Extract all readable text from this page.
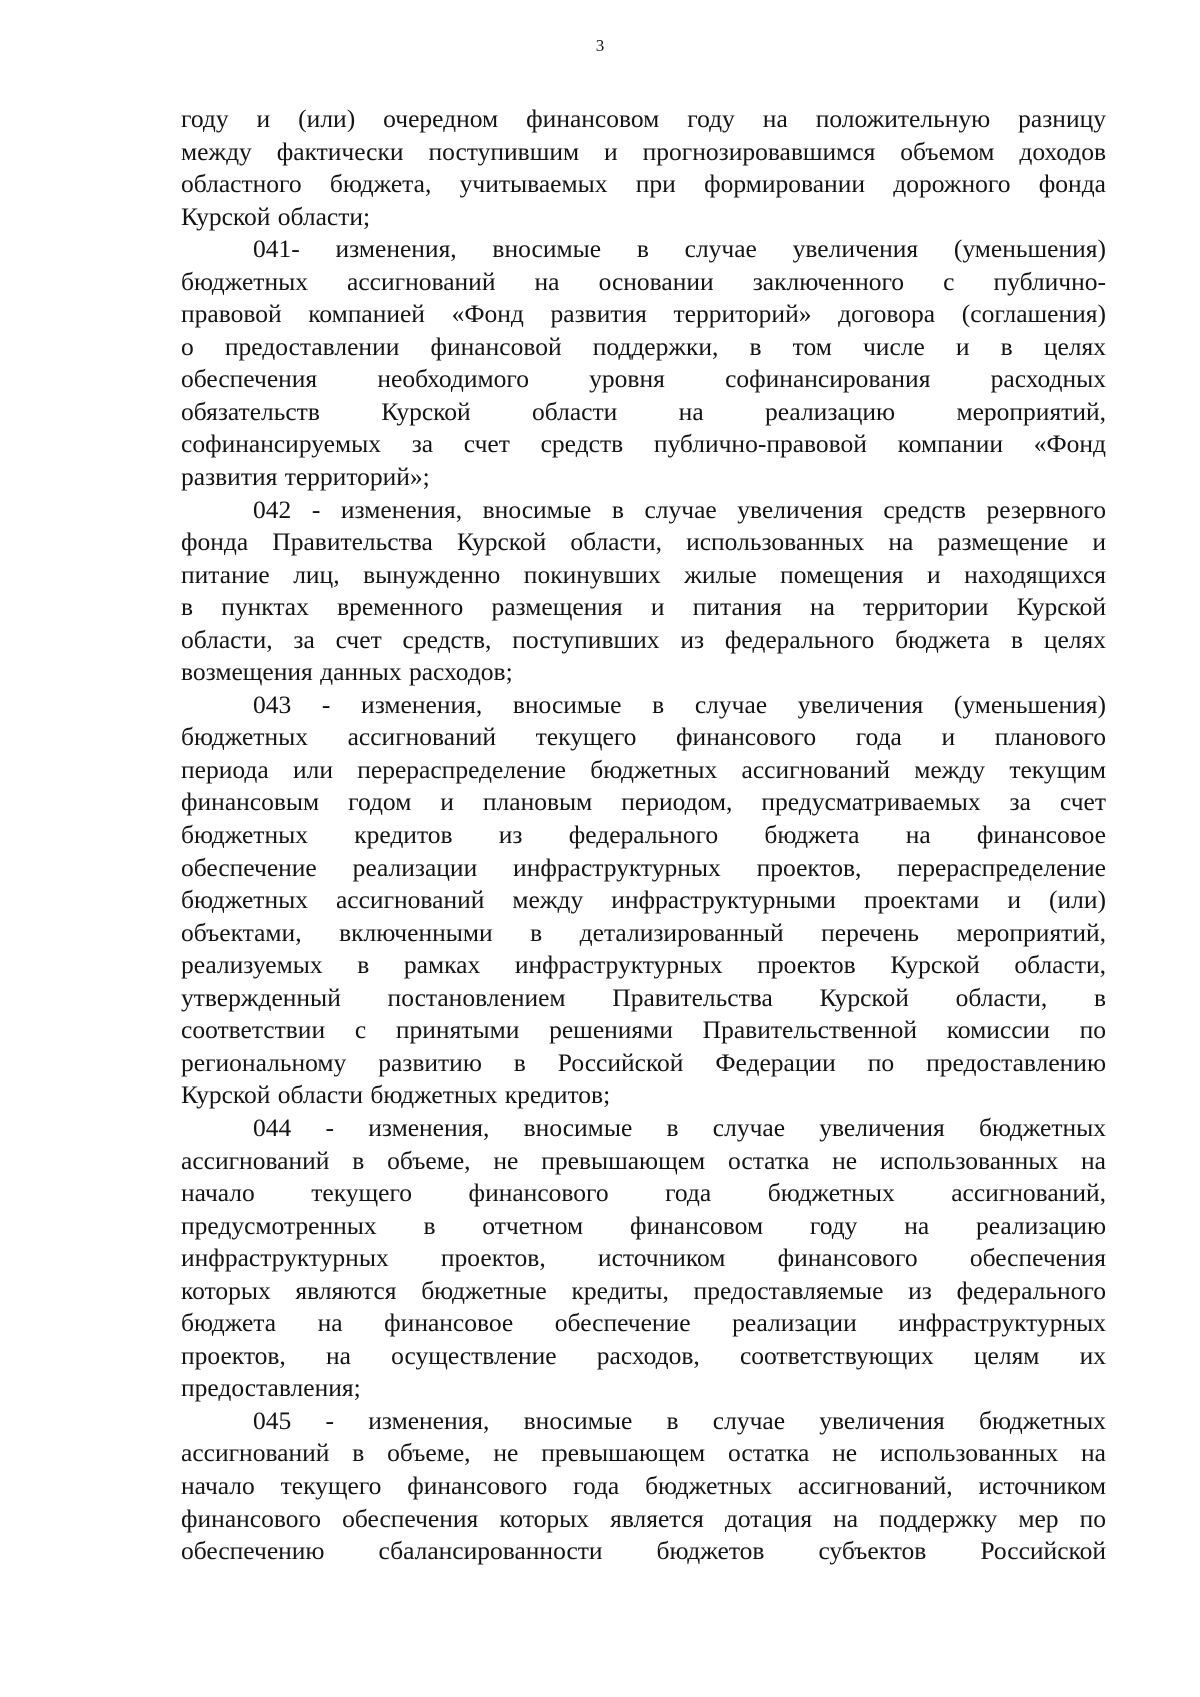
3
году и (или) очередном финансовом году на положительную разницу
между фактически поступившим и прогнозировавшимся объемом доходов
областного бюджета, учитываемых при формировании дорожного фонда
Курской области;
041- изменения, вносимые в случае увеличения (уменьшения)
бюджетных ассигнований на основании заключенного с публично-
правовой компанией «Фонд развития территорий» договора (соглашения)
о предоставлении финансовой поддержки, в том числе и в целях
обеспечения необходимого уровня софинансирования расходных
обязательств Курской области на реализацию мероприятий,
софинансируемых за счет средств публично-правовой компании «Фонд
развития территорий»;
042 - изменения, вносимые в случае увеличения средств резервного
фонда Правительства Курской области, использованных на размещение и
питание лиц, вынужденно покинувших жилые помещения и находящихся
в пунктах временного размещения и питания на территории Курской
области, за счет средств, поступивших из федерального бюджета в целях
возмещения данных расходов;
043 - изменения, вносимые в случае увеличения (уменьшения)
бюджетных ассигнований текущего финансового года и планового
периода или перераспределение бюджетных ассигнований между текущим
финансовым годом и плановым периодом, предусматриваемых за счет
бюджетных кредитов из федерального бюджета на финансовое
обеспечение реализации инфраструктурных проектов, перераспределение
бюджетных ассигнований между инфраструктурными проектами и (или)
объектами, включенными в детализированный перечень мероприятий,
реализуемых в рамках инфраструктурных проектов Курской области,
утвержденный постановлением Правительства Курской области, в
соответствии с принятыми решениями Правительственной комиссии по
региональному развитию в Российской Федерации по предоставлению
Курской области бюджетных кредитов;
044 - изменения, вносимые в случае увеличения бюджетных
ассигнований в объеме, не превышающем остатка не использованных на
начало текущего финансового года бюджетных ассигнований,
предусмотренных в отчетном финансовом году на реализацию
инфраструктурных проектов, источником финансового обеспечения
которых являются бюджетные кредиты, предоставляемые из федерального
бюджета на финансовое обеспечение реализации инфраструктурных
проектов, на осуществление расходов, соответствующих целям их
предоставления;
045 - изменения, вносимые в случае увеличения бюджетных
ассигнований в объеме, не превышающем остатка не использованных на
начало текущего финансового года бюджетных ассигнований, источником
финансового обеспечения которых является дотация на поддержку мер по
обеспечению сбалансированности бюджетов субъектов Российской
